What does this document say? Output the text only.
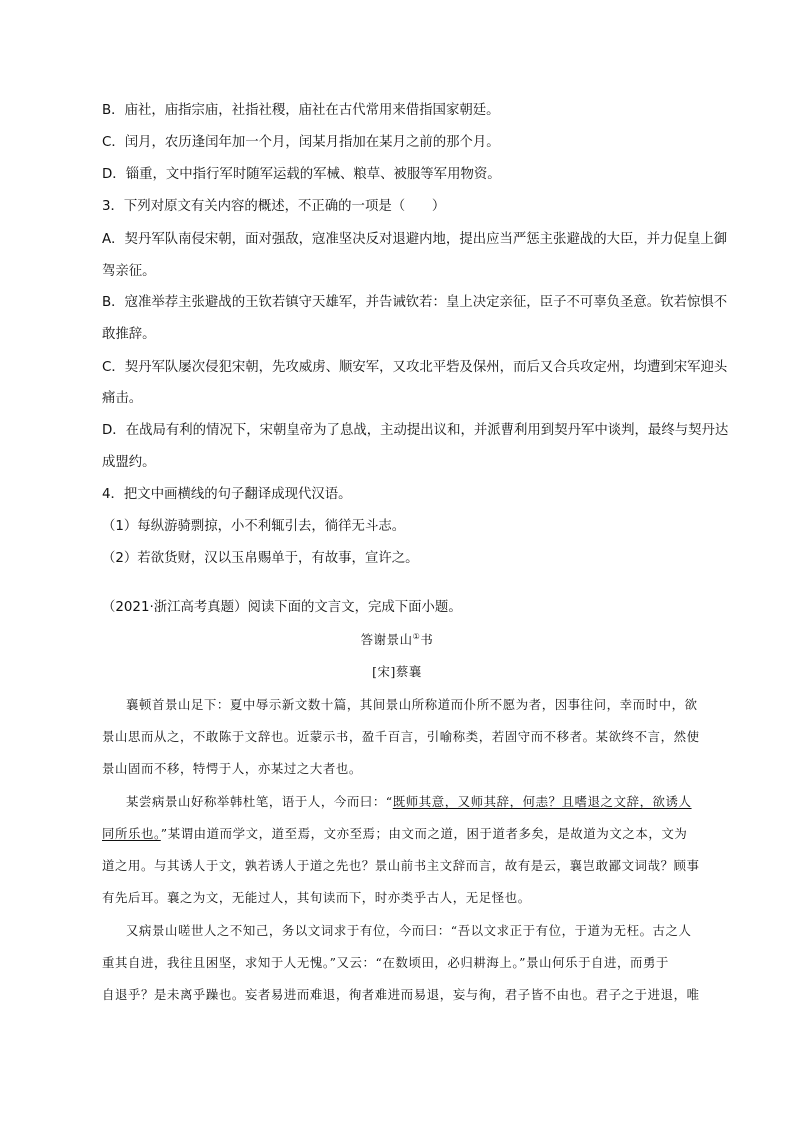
B．庙社，庙指宗庙，社指社稷，庙社在古代常用来借指国家朝廷。
C．闰月，农历逢闰年加一个月，闰某月指加在某月之前的那个月。
D．锱重，文中指行军时随军运载的军械、粮草、被服等军用物资。
3．下列对原文有关内容的概述，不正确的一项是（　　）
A．契丹军队南侵宋朝，面对强敌，寇准坚决反对退避内地，提出应当严惩主张避战的大臣，并力促皇上御
驾亲征。
B．寇准举荐主张避战的王钦若镇守天雄军，并告诫钦若：皇上决定亲征，臣子不可辜负圣意。钦若惊惧不
敢推辞。
C．契丹军队屡次侵犯宋朝，先攻威虏、顺安军，又攻北平砦及保州，而后又合兵攻定州，均遭到宋军迎头
痛击。
D．在战局有利的情况下，宋朝皇帝为了息战，主动提出议和，并派曹利用到契丹军中谈判，最终与契丹达
成盟约。
4．把文中画横线的句子翻译成现代汉语。
（1）每纵游骑剽掠，小不利辄引去，徜徉无斗志。
（2）若欲货财，汉以玉帛赐单于，有故事，宣许之。
（2021·浙江高考真题）阅读下面的文言文，完成下面小题。
答谢景山①书
[宋]蔡襄
襄顿首景山足下：夏中辱示新文数十篇，其间景山所称道而仆所不愿为者，因事往问，幸而时中，欲
景山思而从之，不敢陈于文辞也。近蒙示书，盈千百言，引喻称类，若固守而不移者。某欲终不言，然使
景山固而不移，特愕于人，亦某过之大者也。
某尝病景山好称举韩杜笔，语于人，今而曰：“既师其意，又师其辞，何恚？且嗜退之文辞，欲诱人
同所乐也。”某谓由道而学文，道至焉，文亦至焉；由文而之道，困于道者多矣，是故道为文之本，文为
道之用。与其诱人于文，孰若诱人于道之先也？景山前书主文辞而言，故有是云，襄岂敢鄙文词哉？顾事
有先后耳。襄之为文，无能过人，其旬读而下，时亦类乎古人，无足怪也。
又病景山嗟世人之不知己，务以文词求于有位，今而曰：“吾以文求正于有位，于道为无枉。古之人
重其自进，我往且困坚，求知于人无愧。”又云：“在数顷田，必归耕海上。”景山何乐于自进，而勇于
自退乎？是未离乎躁也。妄者易进而难退，徇者难进而易退，妄与徇，君子皆不由也。君子之于进退，唯
